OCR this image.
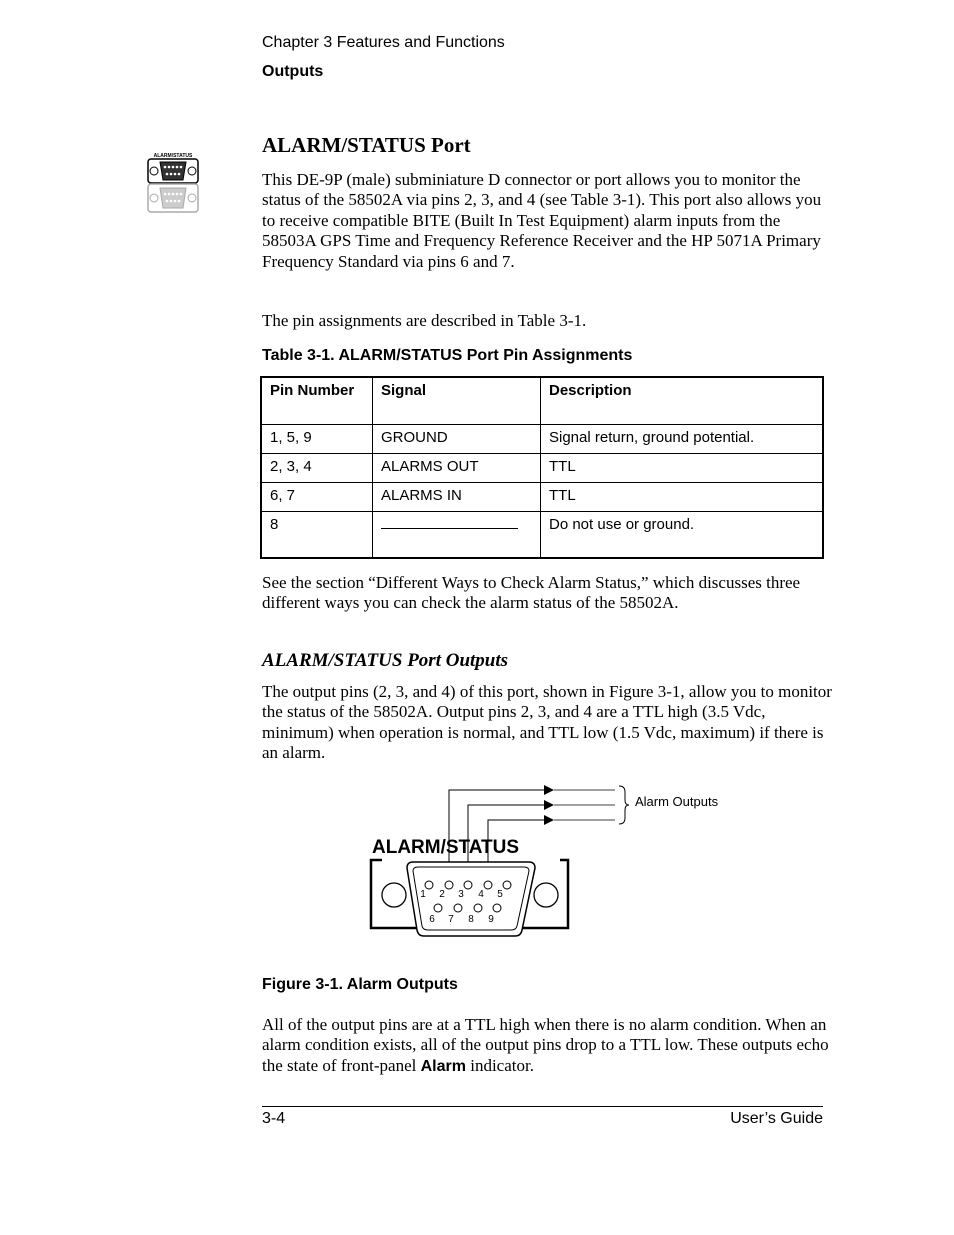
Chapter 3 Features and Functions
Outputs
ALARM/STATUS	ALARM/STATUS Port

This DE-9P (male) subminiature D connector or port allows you to monitor the status of the 58502A via pins 2, 3, and 4 (see Table 3-1). This port also allows you to receive compatible BITE (Built In Test Equipment) alarm inputs from the 58503A GPS Time and Frequency Reference Receiver and the HP 5071A Primary Frequency Standard via pins 6 and 7.

The pin assignments are described in Table 3-1.

Table 3-1. ALARM/STATUS Port Pin Assignments
Pin Number	Signal	Description
1, 5, 9	GROUND	Signal return, ground potential.
2, 3, 4	ALARMS OUT	TTL
6, 7	ALARMS IN	TTL
8		Do not use or ground.

See the section “Different Ways to Check Alarm Status,” which discusses three different ways you can check the alarm status of the 58502A.

ALARM/STATUS Port Outputs

The output pins (2, 3, and 4) of this port, shown in Figure 3-1, allow you to monitor the status of the 58502A. Output pins 2, 3, and 4 are a TTL high (3.5 Vdc, minimum) when operation is normal, and TTL low (1.5 Vdc, maximum) if there is an alarm.

Alarm Outputs
ALARM/STATUS
1 2 3 4 5
6 7 8 9
Figure 3-1. Alarm Outputs

All of the output pins are at a TTL high when there is no alarm condition. When an alarm condition exists, all of the output pins drop to a TTL low. These outputs echo the state of front-panel Alarm indicator.

3-4	User’s Guide
